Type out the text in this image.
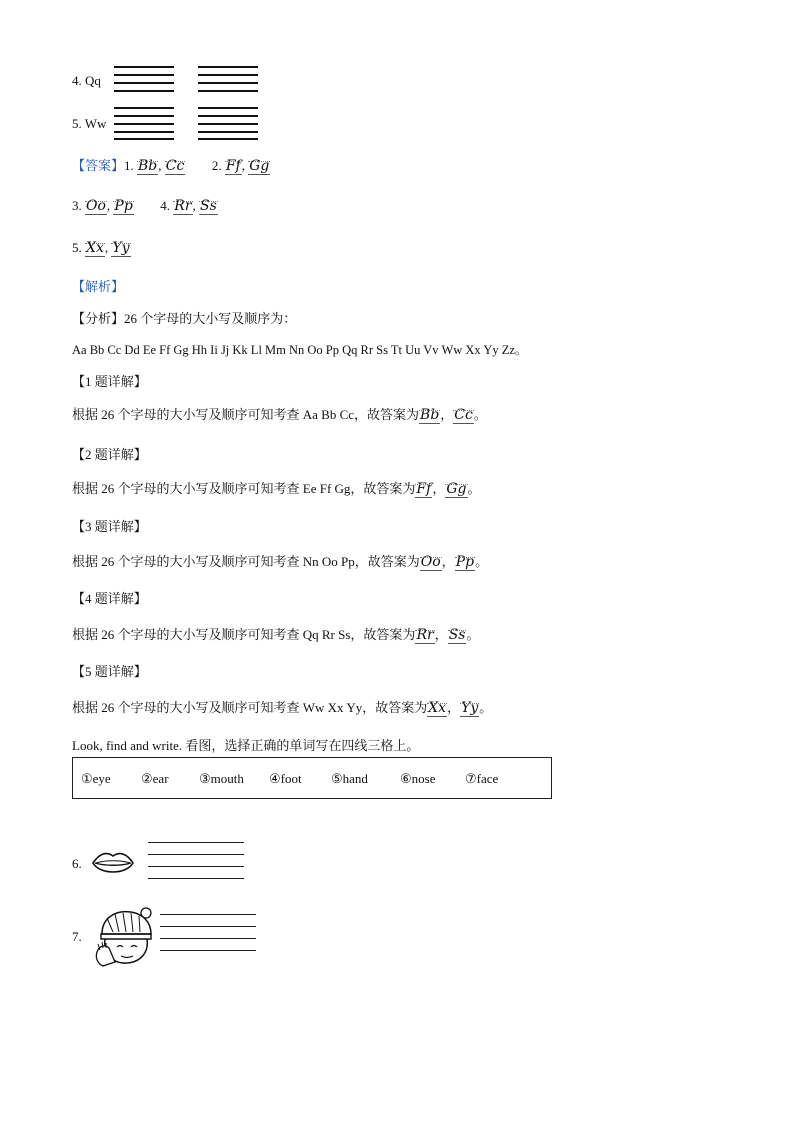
4. Qq
5. Ww
【答案】1. Bb, Cc 2. Ff, Gg
3. Oo, Pp 4. Rr, Ss
5. Xx, Yy
【解析】
【分析】26 个字母的大小写及顺序为：
Aa Bb Cc Dd Ee Ff Gg Hh Ii Jj Kk Ll Mm Nn Oo Pp Qq Rr Ss Tt Uu Vv Ww Xx Yy Zz。
【1 题详解】
根据 26 个字母的大小写及顺序可知考查 Aa Bb Cc，故答案为Bb，Cc。
【2 题详解】
根据 26 个字母的大小写及顺序可知考查 Ee Ff Gg，故答案为Ff，Gg。
【3 题详解】
根据 26 个字母的大小写及顺序可知考查 Nn Oo Pp，故答案为Oo，Pp。
【4 题详解】
根据 26 个字母的大小写及顺序可知考查 Qq Rr Ss，故答案为Rr，Ss。
【5 题详解】
根据 26 个字母的大小写及顺序可知考查 Ww Xx Yy，故答案为Xx，Yy。
Look, find and write. 看图，选择正确的单词写在四线三格上。
①eye ②ear ③mouth ④foot ⑤hand ⑥nose ⑦face
6.
7.
